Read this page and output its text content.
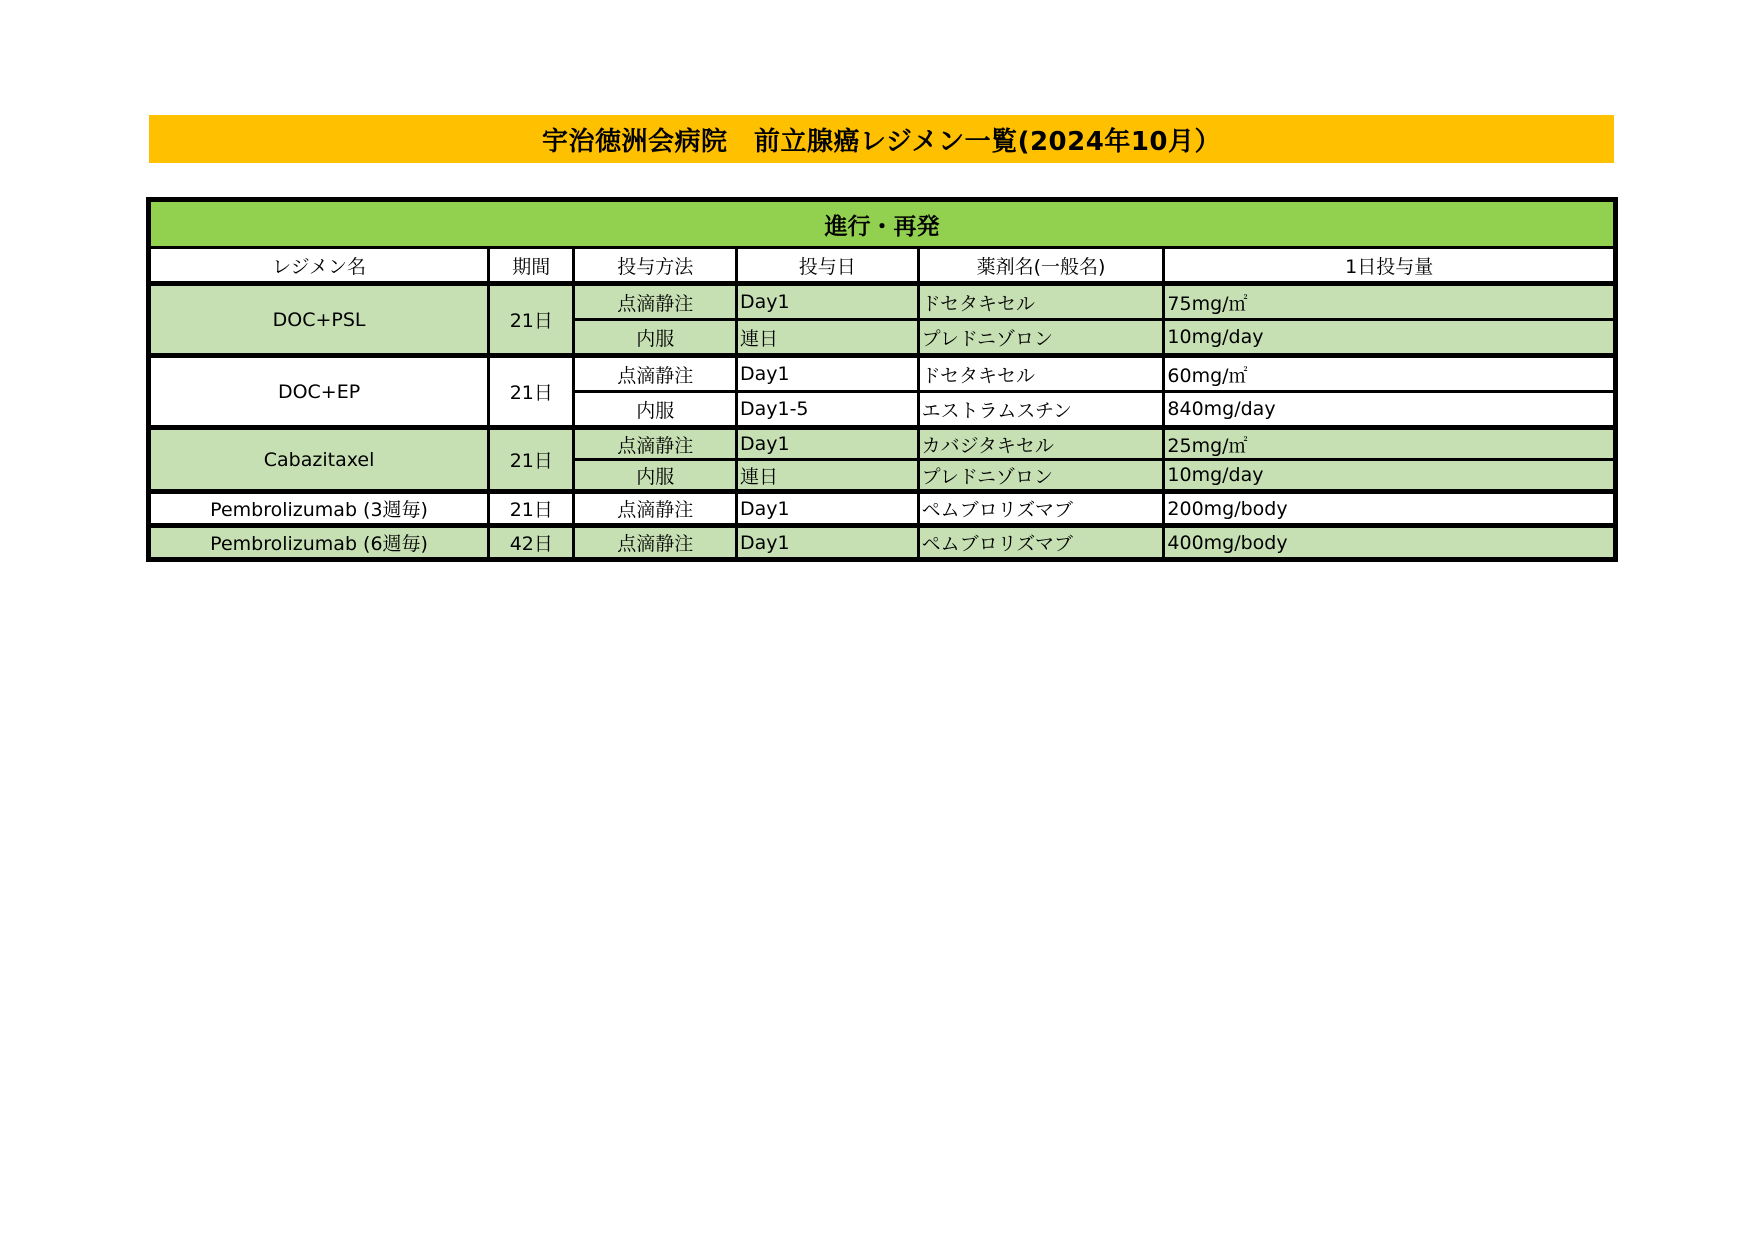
宇治徳洲会病院　前立腺癌レジメン一覧(2024年10月）
進行・再発					
レジメン名	期間	投与方法	投与日	薬剤名(一般名)	1日投与量
DOC+PSL	21日	点滴静注	Day1	ドセタキセル	75mg/㎡
		内服	連日	プレドニゾロン	10mg/day
DOC+EP	21日	点滴静注	Day1	ドセタキセル	60mg/㎡
		内服	Day1-5	エストラムスチン	840mg/day
Cabazitaxel	21日	点滴静注	Day1	カバジタキセル	25mg/㎡
		内服	連日	プレドニゾロン	10mg/day
Pembrolizumab (3週毎)	21日	点滴静注	Day1	ペムブロリズマブ	200mg/body
Pembrolizumab (6週毎)	42日	点滴静注	Day1	ペムブロリズマブ	400mg/body
